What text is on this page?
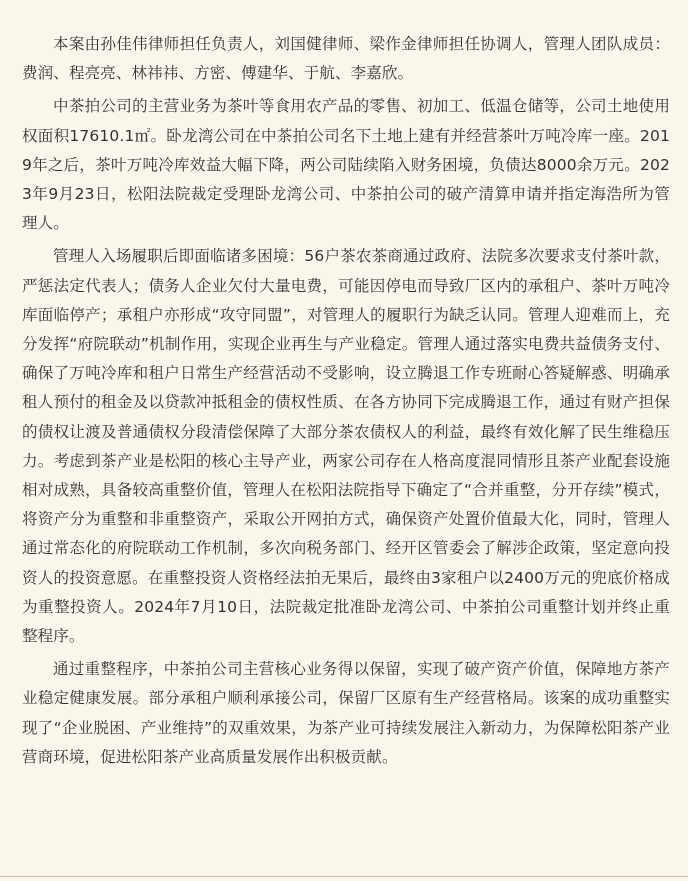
本案由孙佳伟律师担任负责人，刘国健律师、梁作金律师担任协调人，管理人团队成员：费润、程亮亮、林祎祎、方密、傅建华、于航、李嘉欣。

中茶拍公司的主营业务为茶叶等食用农产品的零售、初加工、低温仓储等，公司土地使用权面积17610.1㎡。卧龙湾公司在中茶拍公司名下土地上建有并经营茶叶万吨冷库一座。2019年之后，茶叶万吨冷库效益大幅下降，两公司陆续陷入财务困境，负债达8000余万元。2023年9月23日，松阳法院裁定受理卧龙湾公司、中茶拍公司的破产清算申请并指定海浩所为管理人。

管理人入场履职后即面临诸多困境：56户茶农茶商通过政府、法院多次要求支付茶叶款，严惩法定代表人；债务人企业欠付大量电费，可能因停电而导致厂区内的承租户、茶叶万吨冷库面临停产；承租户亦形成“攻守同盟”，对管理人的履职行为缺乏认同。管理人迎难而上，充分发挥“府院联动”机制作用，实现企业再生与产业稳定。管理人通过落实电费共益债务支付、确保了万吨冷库和租户日常生产经营活动不受影响，设立腾退工作专班耐心答疑解惑、明确承租人预付的租金及以贷款冲抵租金的债权性质、在各方协同下完成腾退工作，通过有财产担保的债权让渡及普通债权分段清偿保障了大部分茶农债权人的利益，最终有效化解了民生维稳压力。考虑到茶产业是松阳的核心主导产业，两家公司存在人格高度混同情形且茶产业配套设施相对成熟，具备较高重整价值，管理人在松阳法院指导下确定了“合并重整，分开存续”模式，将资产分为重整和非重整资产，采取公开网拍方式，确保资产处置价值最大化，同时，管理人通过常态化的府院联动工作机制，多次向税务部门、经开区管委会了解涉企政策，坚定意向投资人的投资意愿。在重整投资人资格经法拍无果后，最终由3家租户以2400万元的兜底价格成为重整投资人。2024年7月10日，法院裁定批准卧龙湾公司、中茶拍公司重整计划并终止重整程序。

通过重整程序，中茶拍公司主营核心业务得以保留，实现了破产资产价值，保障地方茶产业稳定健康发展。部分承租户顺利承接公司，保留厂区原有生产经营格局。该案的成功重整实现了“企业脱困、产业维持”的双重效果，为茶产业可持续发展注入新动力，为保障松阳茶产业营商环境，促进松阳茶产业高质量发展作出积极贡献。
